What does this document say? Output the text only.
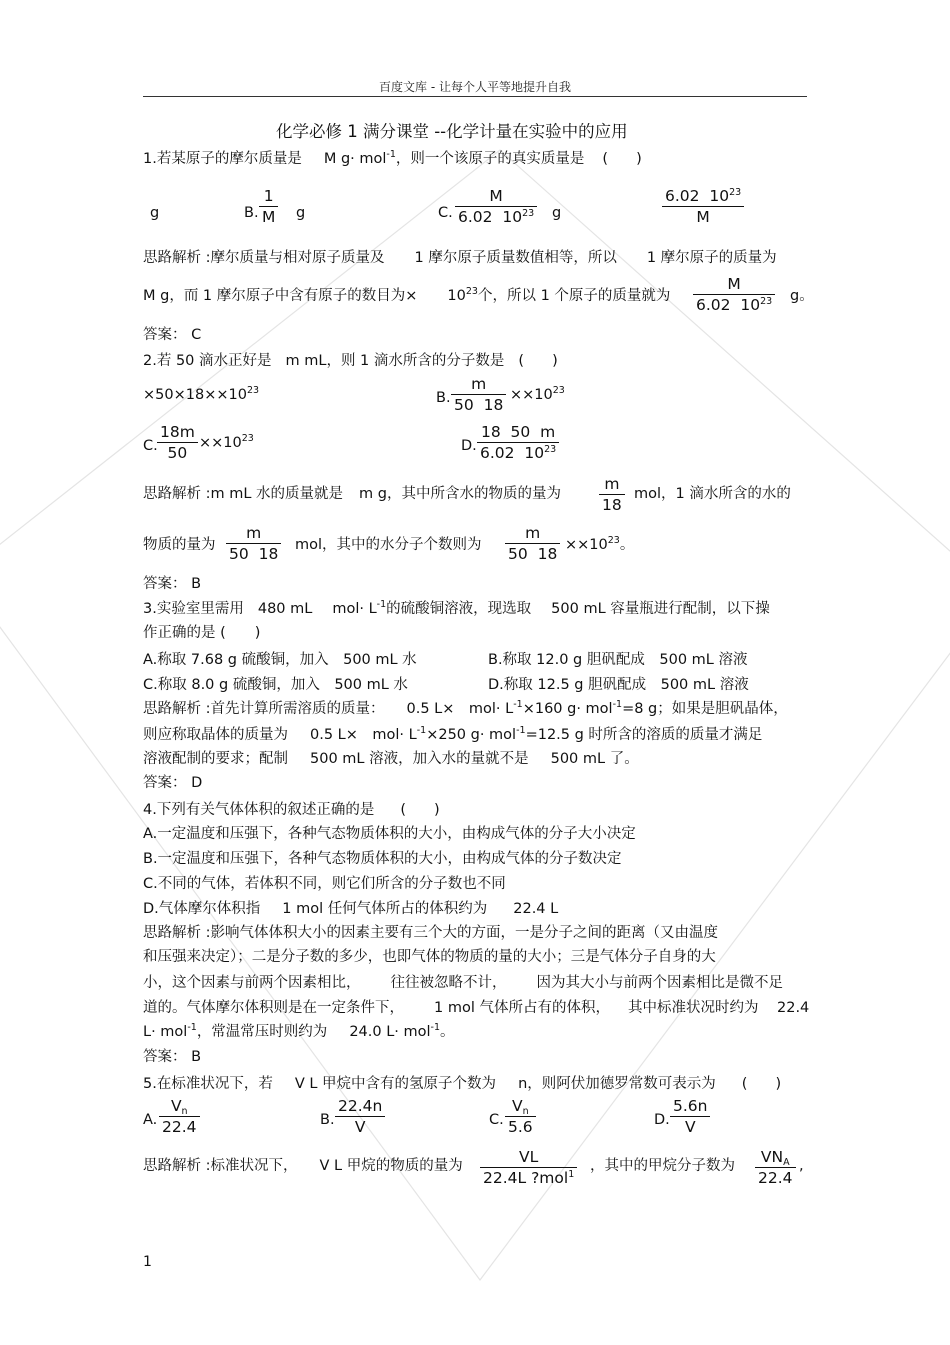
百度文库 - 让每个人平等地提升自我
化学必修 1 满分课堂 --化学计量在实验中的应用
1.若某原子的摩尔质量是 M g· mol$^{-1}$，则一个该原子的真实质量是 ( )
g	B.
1
M g	C.
M
6.02 $10^{23}$ g
6.02 $10^{23}$
M
思路解析 :摩尔质量与相对原子质量及 1 摩尔原子质量数值相等，所以 1 摩尔原子的质量为
M g，而 1 摩尔原子中含有原子的数目为× $10^{23}$个，所以 1 个原子的质量就为
M
6.02 $10^{23}$ g。
答案： C
2.若 50 滴水正好是 m mL，则 1 滴水所含的分子数是 ( )
$\times 50\times 18\times\times 10^{23}$	B.
m
50 18
$\times\times 10^{23}$
C.
18m
50
$\times\times 10^{23}$	D.
18 50 m
6.02 $10^{23}$
思路解析 :m mL 水的质量就是 m g，其中所含水的物质的量为
m
18
mol，1 滴水所含的水的
物质的量为
m
50 18 mol，其中的水分子个数则为
m
50 $18 \times\times 10^{23}$。
答案： B
3.实验室里需用 480 mL $mol\cdot L^{-1}$的硫酸铜溶液，现选取 500 mL 容量瓶进行配制，以下操
作正确的是 (　　)
A.称取 7.68 g 硫酸铜，加入　500 mL 水	B.称取 12.0 g 胆矾配成　500 mL 溶液
C.称取 8.0 g 硫酸铜，加入　500 mL 水	D.称取 12.5 g 胆矾配成　500 mL 溶液
思路解析 :首先计算所需溶质的质量： 0.5 L×　$mol\cdot L^{-1}\times 160$ g· mol$^{-1}$=8 g；如果是胆矾晶体，
则应称取晶体的质量为 0.5 L×　$mol\cdot L^{-1}\times 250$ g· mol$^{-1}$=12.5 g 时所含的溶质的质量才满足
溶液配制的要求；配制 500 mL 溶液，加入水的量就不是 500 mL 了。
答案： D
4.下列有关气体体积的叙述正确的是 ( )
A.一定温度和压强下，各种气态物质体积的大小，由构成气体的分子大小决定
B.一定温度和压强下，各种气态物质体积的大小，由构成气体的分子数决定
C.不同的气体，若体积不同，则它们所含的分子数也不同
D.气体摩尔体积指 1 mol 任何气体所占的体积约为 22.4 L
思路解析 :影响气体体积大小的因素主要有三个大的方面，一是分子之间的距离（又由温度
和压强来决定）；二是分子数的多少，也即气体的物质的量的大小；三是气体分子自身的大
小，这个因素与前两个因素相比， 往往被忽略不计， 因为其大小与前两个因素相比是微不足
道的。气体摩尔体积则是在一定条件下， 1 mol 气体所占有的体积， 其中标准状况时约为 22.4
L· mol$^{-1}$，常温常压时则约为 24.0 L· mol$^{-1}$。
答案： B
5.在标准状况下，若 V L 甲烷中含有的氢原子个数为 n，则阿伏加德罗常数可表示为 ( )
A.
$V_n$
22.4	B.
22.4n
V	C.
$V_n$
5.6	D.
5.6n
V
思路解析 :标准状况下， V L 甲烷的物质的量为	VL
22.4L ?mol$^1$
，其中的甲烷分子数为 $VN_A$
22.4
,
1
